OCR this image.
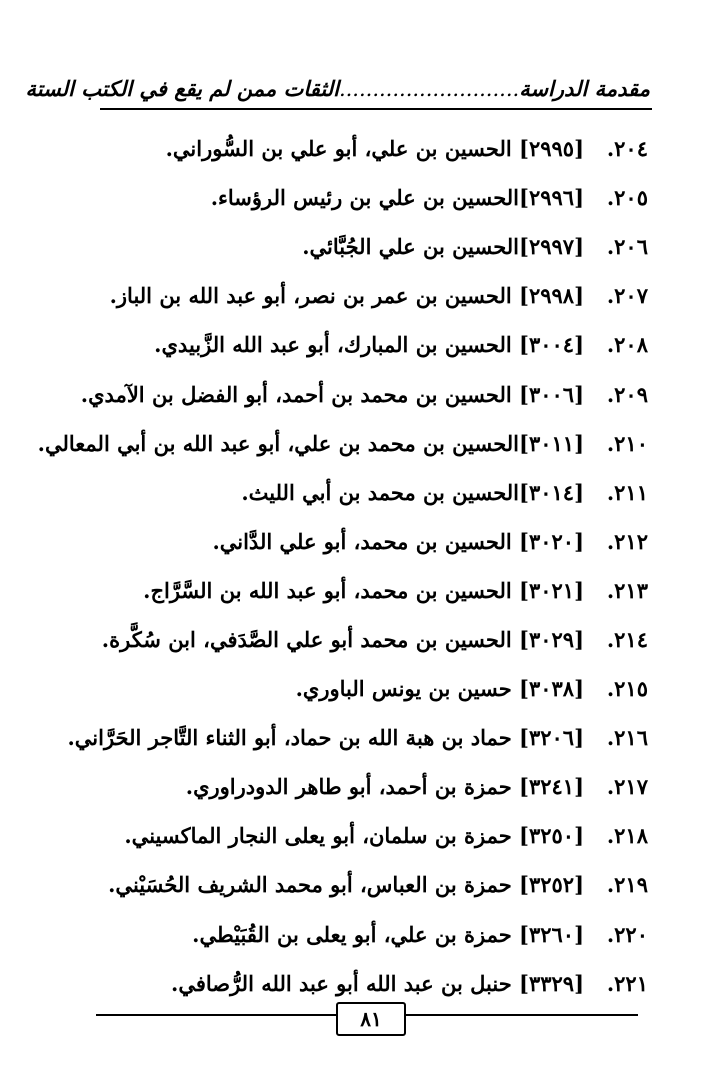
مقدمة الدراسة...........................الثقات ممن لم يقع في الكتب الستة
٢٠٤.
[٢٩٩٥] الحسين بن علي، أبو علي بن السُّوراني.
٢٠٥.
[٢٩٩٦]الحسين بن علي بن رئيس الرؤساء.
٢٠٦.
[٢٩٩٧]الحسين بن علي الجُبَّائي.
٢٠٧.
[٢٩٩٨] الحسين بن عمر بن نصر، أبو عبد الله بن الباز.
٢٠٨.
[٣٠٠٤] الحسين بن المبارك، أبو عبد الله الزَّبيدي.
٢٠٩.
[٣٠٠٦] الحسين بن محمد بن أحمد، أبو الفضل بن الآمدي.
٢١٠.
[٣٠١١]الحسين بن محمد بن علي، أبو عبد الله بن أبي المعالي.
٢١١.
[٣٠١٤]الحسين بن محمد بن أبي الليث.
٢١٢.
[٣٠٢٠] الحسين بن محمد، أبو علي الدَّاني.
٢١٣.
[٣٠٢١] الحسين بن محمد، أبو عبد الله بن السَّرَّاج.
٢١٤.
[٣٠٢٩] الحسين بن محمد أبو علي الصَّدَفي، ابن سُكَّرة.
٢١٥.
[٣٠٣٨] حسين بن يونس الباوري.
٢١٦.
[٣٢٠٦] حماد بن هبة الله بن حماد، أبو الثناء التَّاجر الحَرَّاني.
٢١٧.
[٣٢٤١] حمزة بن أحمد، أبو طاهر الدودراوري.
٢١٨.
[٣٢٥٠] حمزة بن سلمان، أبو يعلى النجار الماكسيني.
٢١٩.
[٣٢٥٢] حمزة بن العباس، أبو محمد الشريف الحُسَيْني.
٢٢٠.
[٣٢٦٠] حمزة بن علي، أبو يعلى بن القُبَيْطي.
٢٢١.
[٣٣٢٩] حنبل بن عبد الله أبو عبد الله الرُّصافي.
٨١
